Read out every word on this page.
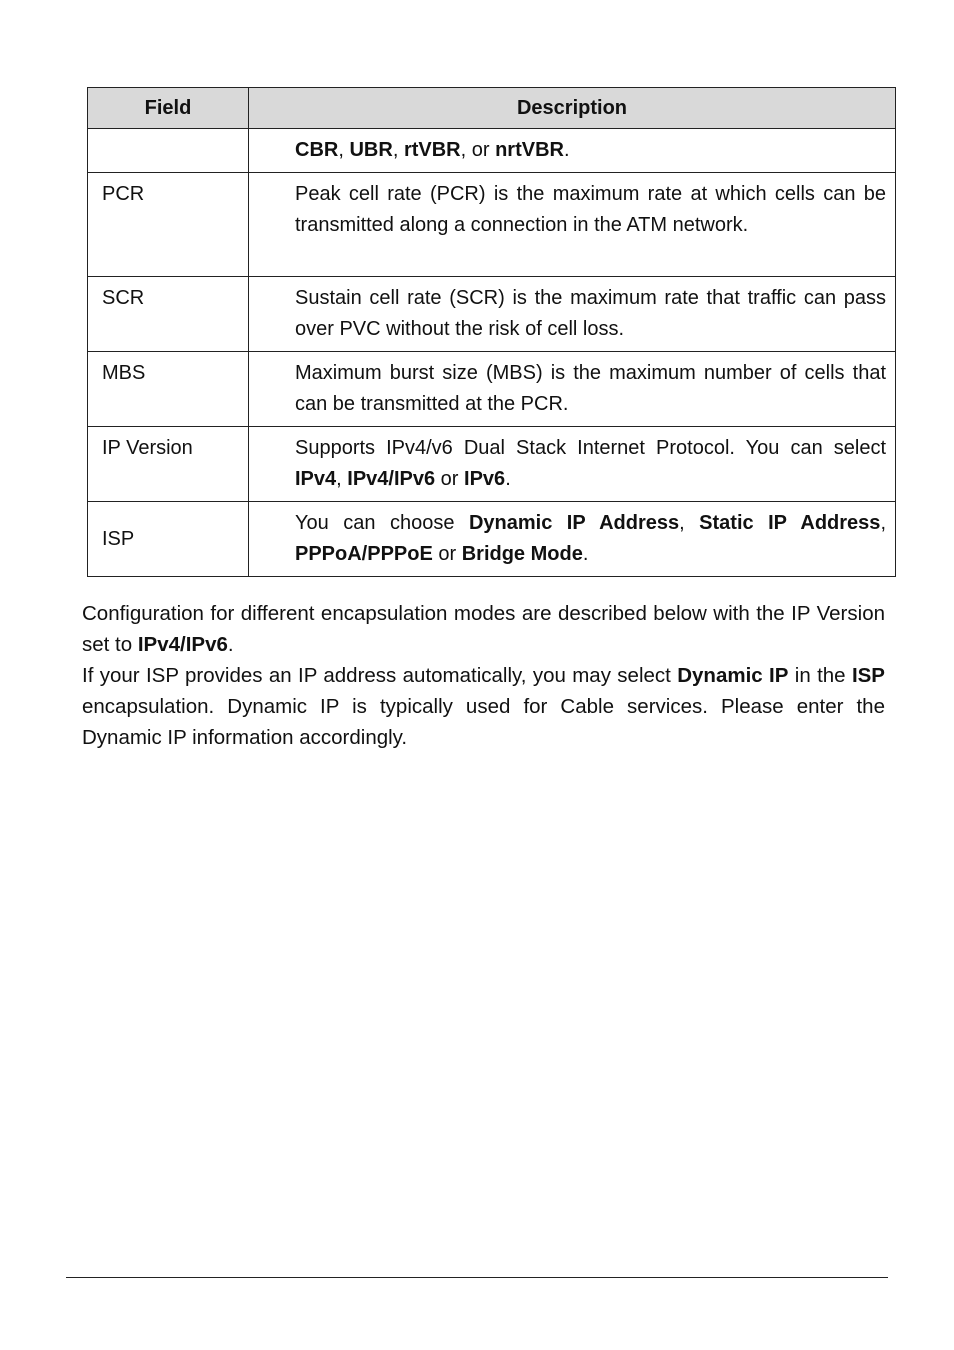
Field	Description
	CBR, UBR, rtVBR, or nrtVBR.
PCR	Peak cell rate (PCR) is the maximum rate at which cells can be transmitted along a connection in the ATM network.
SCR	Sustain cell rate (SCR) is the maximum rate that traffic can pass over PVC without the risk of cell loss.
MBS	Maximum burst size (MBS) is the maximum number of cells that can be transmitted at the PCR.
IP Version	Supports IPv4/v6 Dual Stack Internet Protocol. You can select IPv4, IPv4/IPv6 or IPv6.
ISP	You can choose Dynamic IP Address, Static IP Address, PPPoA/PPPoE or Bridge Mode.

Configuration for different encapsulation modes are described below with the IP Version set to IPv4/IPv6.

If your ISP provides an IP address automatically, you may select Dynamic IP in the ISP encapsulation. Dynamic IP is typically used for Cable services. Please enter the Dynamic IP information accordingly.
